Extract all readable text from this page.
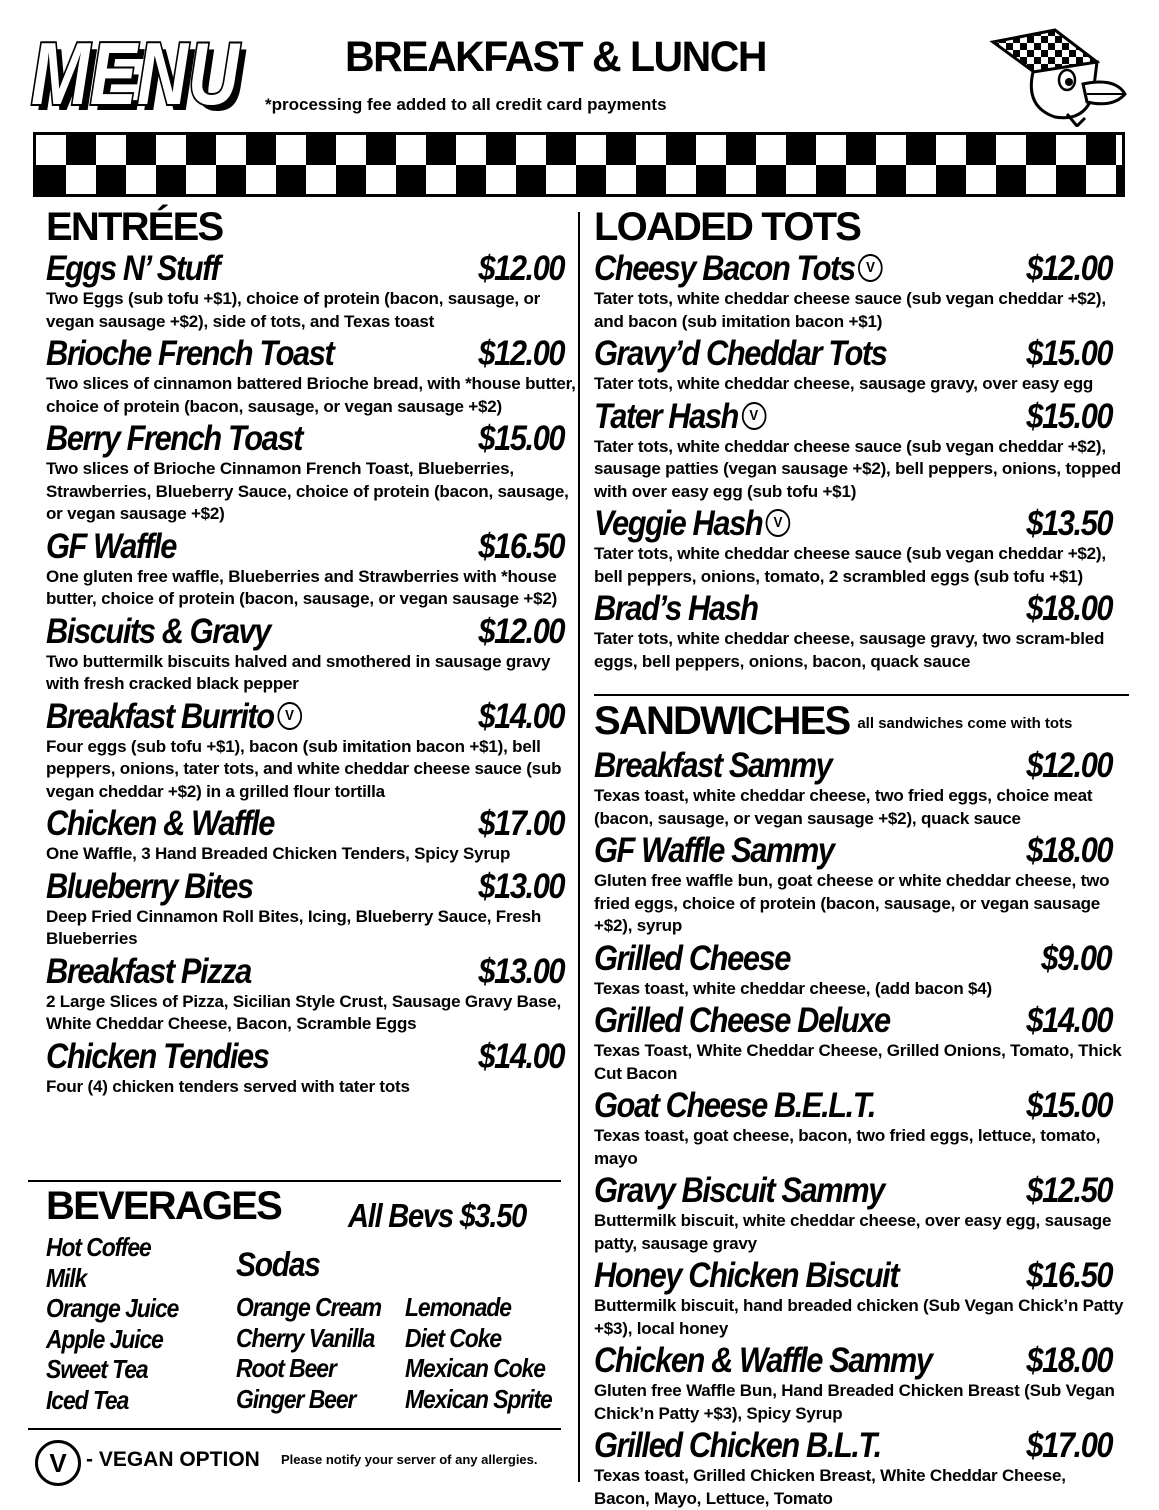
MENU
MENU	BREAKFAST & LUNCH
*processing fee added to all credit card payments
ENTRÉES
Eggs N’ Stuff	$12.00
Two Eggs (sub tofu +$1), choice of protein (bacon, sausage, or vegan sausage +$2), side of tots, and Texas toast
Brioche French Toast	$12.00
Two slices of cinnamon battered Brioche bread, with *house butter, choice of protein (bacon, sausage, or vegan sausage +$2)
Berry French Toast	$15.00
Two slices of Brioche Cinnamon French Toast, Blueberries, Strawberries, Blueberry Sauce, choice of protein (bacon, sausage, or vegan sausage +$2)
GF Waffle	$16.50
One gluten free waffle, Blueberries and Strawberries with *house butter, choice of protein (bacon, sausage, or vegan sausage +$2)
Biscuits & Gravy	$12.00
Two buttermilk biscuits halved and smothered in sausage gravy with fresh cracked black pepper
Breakfast Burrito V	$14.00
Four eggs (sub tofu +$1), bacon (sub imitation bacon +$1), bell peppers, onions, tater tots, and white cheddar cheese sauce (sub vegan cheddar +$2) in a grilled flour tortilla
Chicken & Waffle	$17.00
One Waffle, 3 Hand Breaded Chicken Tenders, Spicy Syrup
Blueberry Bites	$13.00
Deep Fried Cinnamon Roll Bites, Icing, Blueberry Sauce, Fresh Blueberries
Breakfast Pizza	$13.00
2 Large Slices of Pizza, Sicilian Style Crust, Sausage Gravy Base, White Cheddar Cheese, Bacon, Scramble Eggs
Chicken Tendies	$14.00
Four (4) chicken tenders served with tater tots
BEVERAGES All Bevs $3.50
Hot Coffee
Milk
Orange Juice
Apple Juice
Sweet Tea
Iced Tea
Sodas
Orange Cream
Cherry Vanilla
Root Beer
Ginger Beer
Lemonade
Diet Coke
Mexican Coke
Mexican Sprite
V - VEGAN OPTION Please notify your server of any allergies.
LOADED TOTS
Cheesy Bacon Tots V	$12.00
Tater tots, white cheddar cheese sauce (sub vegan cheddar +$2), and bacon (sub imitation bacon +$1)
Gravy’d Cheddar Tots	$15.00
Tater tots, white cheddar cheese, sausage gravy, over easy egg
Tater Hash V	$15.00
Tater tots, white cheddar cheese sauce (sub vegan cheddar +$2), sausage patties (vegan sausage +$2), bell peppers, onions, topped with over easy egg (sub tofu +$1)
Veggie Hash V	$13.50
Tater tots, white cheddar cheese sauce (sub vegan cheddar +$2), bell peppers, onions, tomato, 2 scrambled eggs (sub tofu +$1)
Brad’s Hash	$18.00
Tater tots, white cheddar cheese, sausage gravy, two scram-bled eggs, bell peppers, onions, bacon, quack sauce
SANDWICHES all sandwiches come with tots
Breakfast Sammy	$12.00
Texas toast, white cheddar cheese, two fried eggs, choice meat (bacon, sausage, or vegan sausage +$2), quack sauce
GF Waffle Sammy	$18.00
Gluten free waffle bun, goat cheese or white cheddar cheese, two fried eggs, choice of protein (bacon, sausage, or vegan sausage +$2), syrup
Grilled Cheese	$9.00
Texas toast, white cheddar cheese, (add bacon $4)
Grilled Cheese Deluxe	$14.00
Texas Toast, White Cheddar Cheese, Grilled Onions, Tomato, Thick Cut Bacon
Goat Cheese B.E.L.T.	$15.00
Texas toast, goat cheese, bacon, two fried eggs, lettuce, tomato, mayo
Gravy Biscuit Sammy	$12.50
Buttermilk biscuit, white cheddar cheese, over easy egg, sausage patty, sausage gravy
Honey Chicken Biscuit	$16.50
Buttermilk biscuit, hand breaded chicken (Sub Vegan Chick’n Patty +$3), local honey
Chicken & Waffle Sammy	$18.00
Gluten free Waffle Bun, Hand Breaded Chicken Breast (Sub Vegan Chick’n Patty +$3), Spicy Syrup
Grilled Chicken B.L.T.	$17.00
Texas toast, Grilled Chicken Breast, White Cheddar Cheese, Bacon, Mayo, Lettuce, Tomato
